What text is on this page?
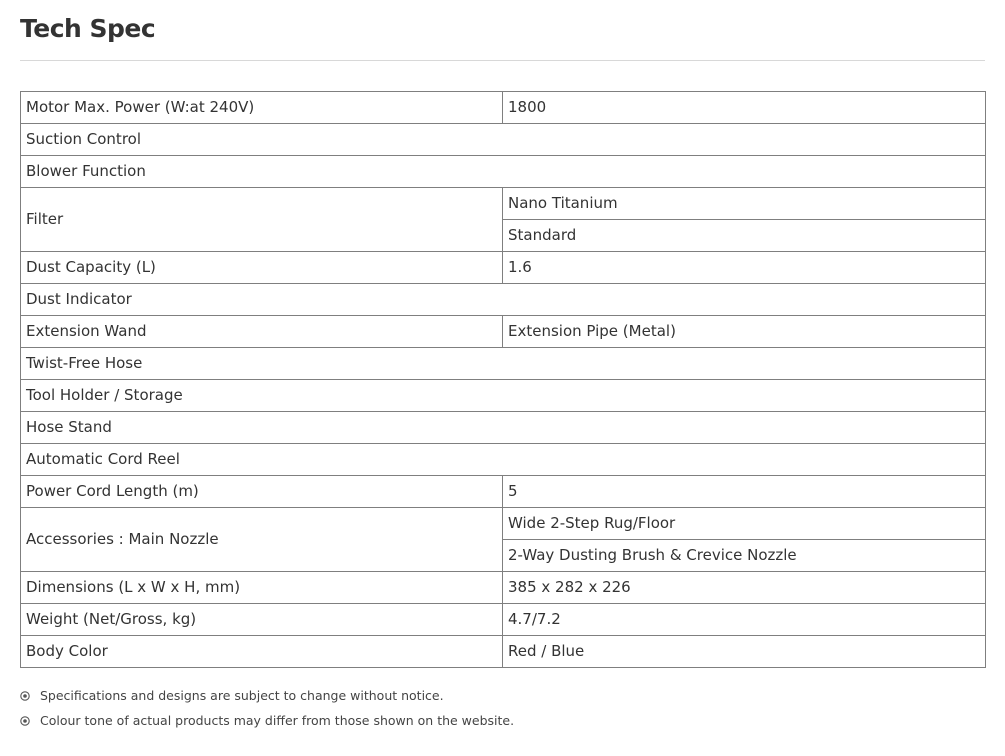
Tech Spec
Motor Max. Power (W:at 240V)	1800
Suction Control	
Blower Function	
Filter	Nano Titanium
	Standard
Dust Capacity (L)	1.6
Dust Indicator	
Extension Wand	Extension Pipe (Metal)
Twist-Free Hose	
Tool Holder / Storage	
Hose Stand	
Automatic Cord Reel	
Power Cord Length (m)	5
Accessories : Main Nozzle	Wide 2-Step Rug/Floor
	2-Way Dusting Brush & Crevice Nozzle
Dimensions (L x W x H, mm)	385 x 282 x 226
Weight (Net/Gross, kg)	4.7/7.2
Body Color	Red / Blue
Specifications and designs are subject to change without notice.
Colour tone of actual products may differ from those shown on the website.
